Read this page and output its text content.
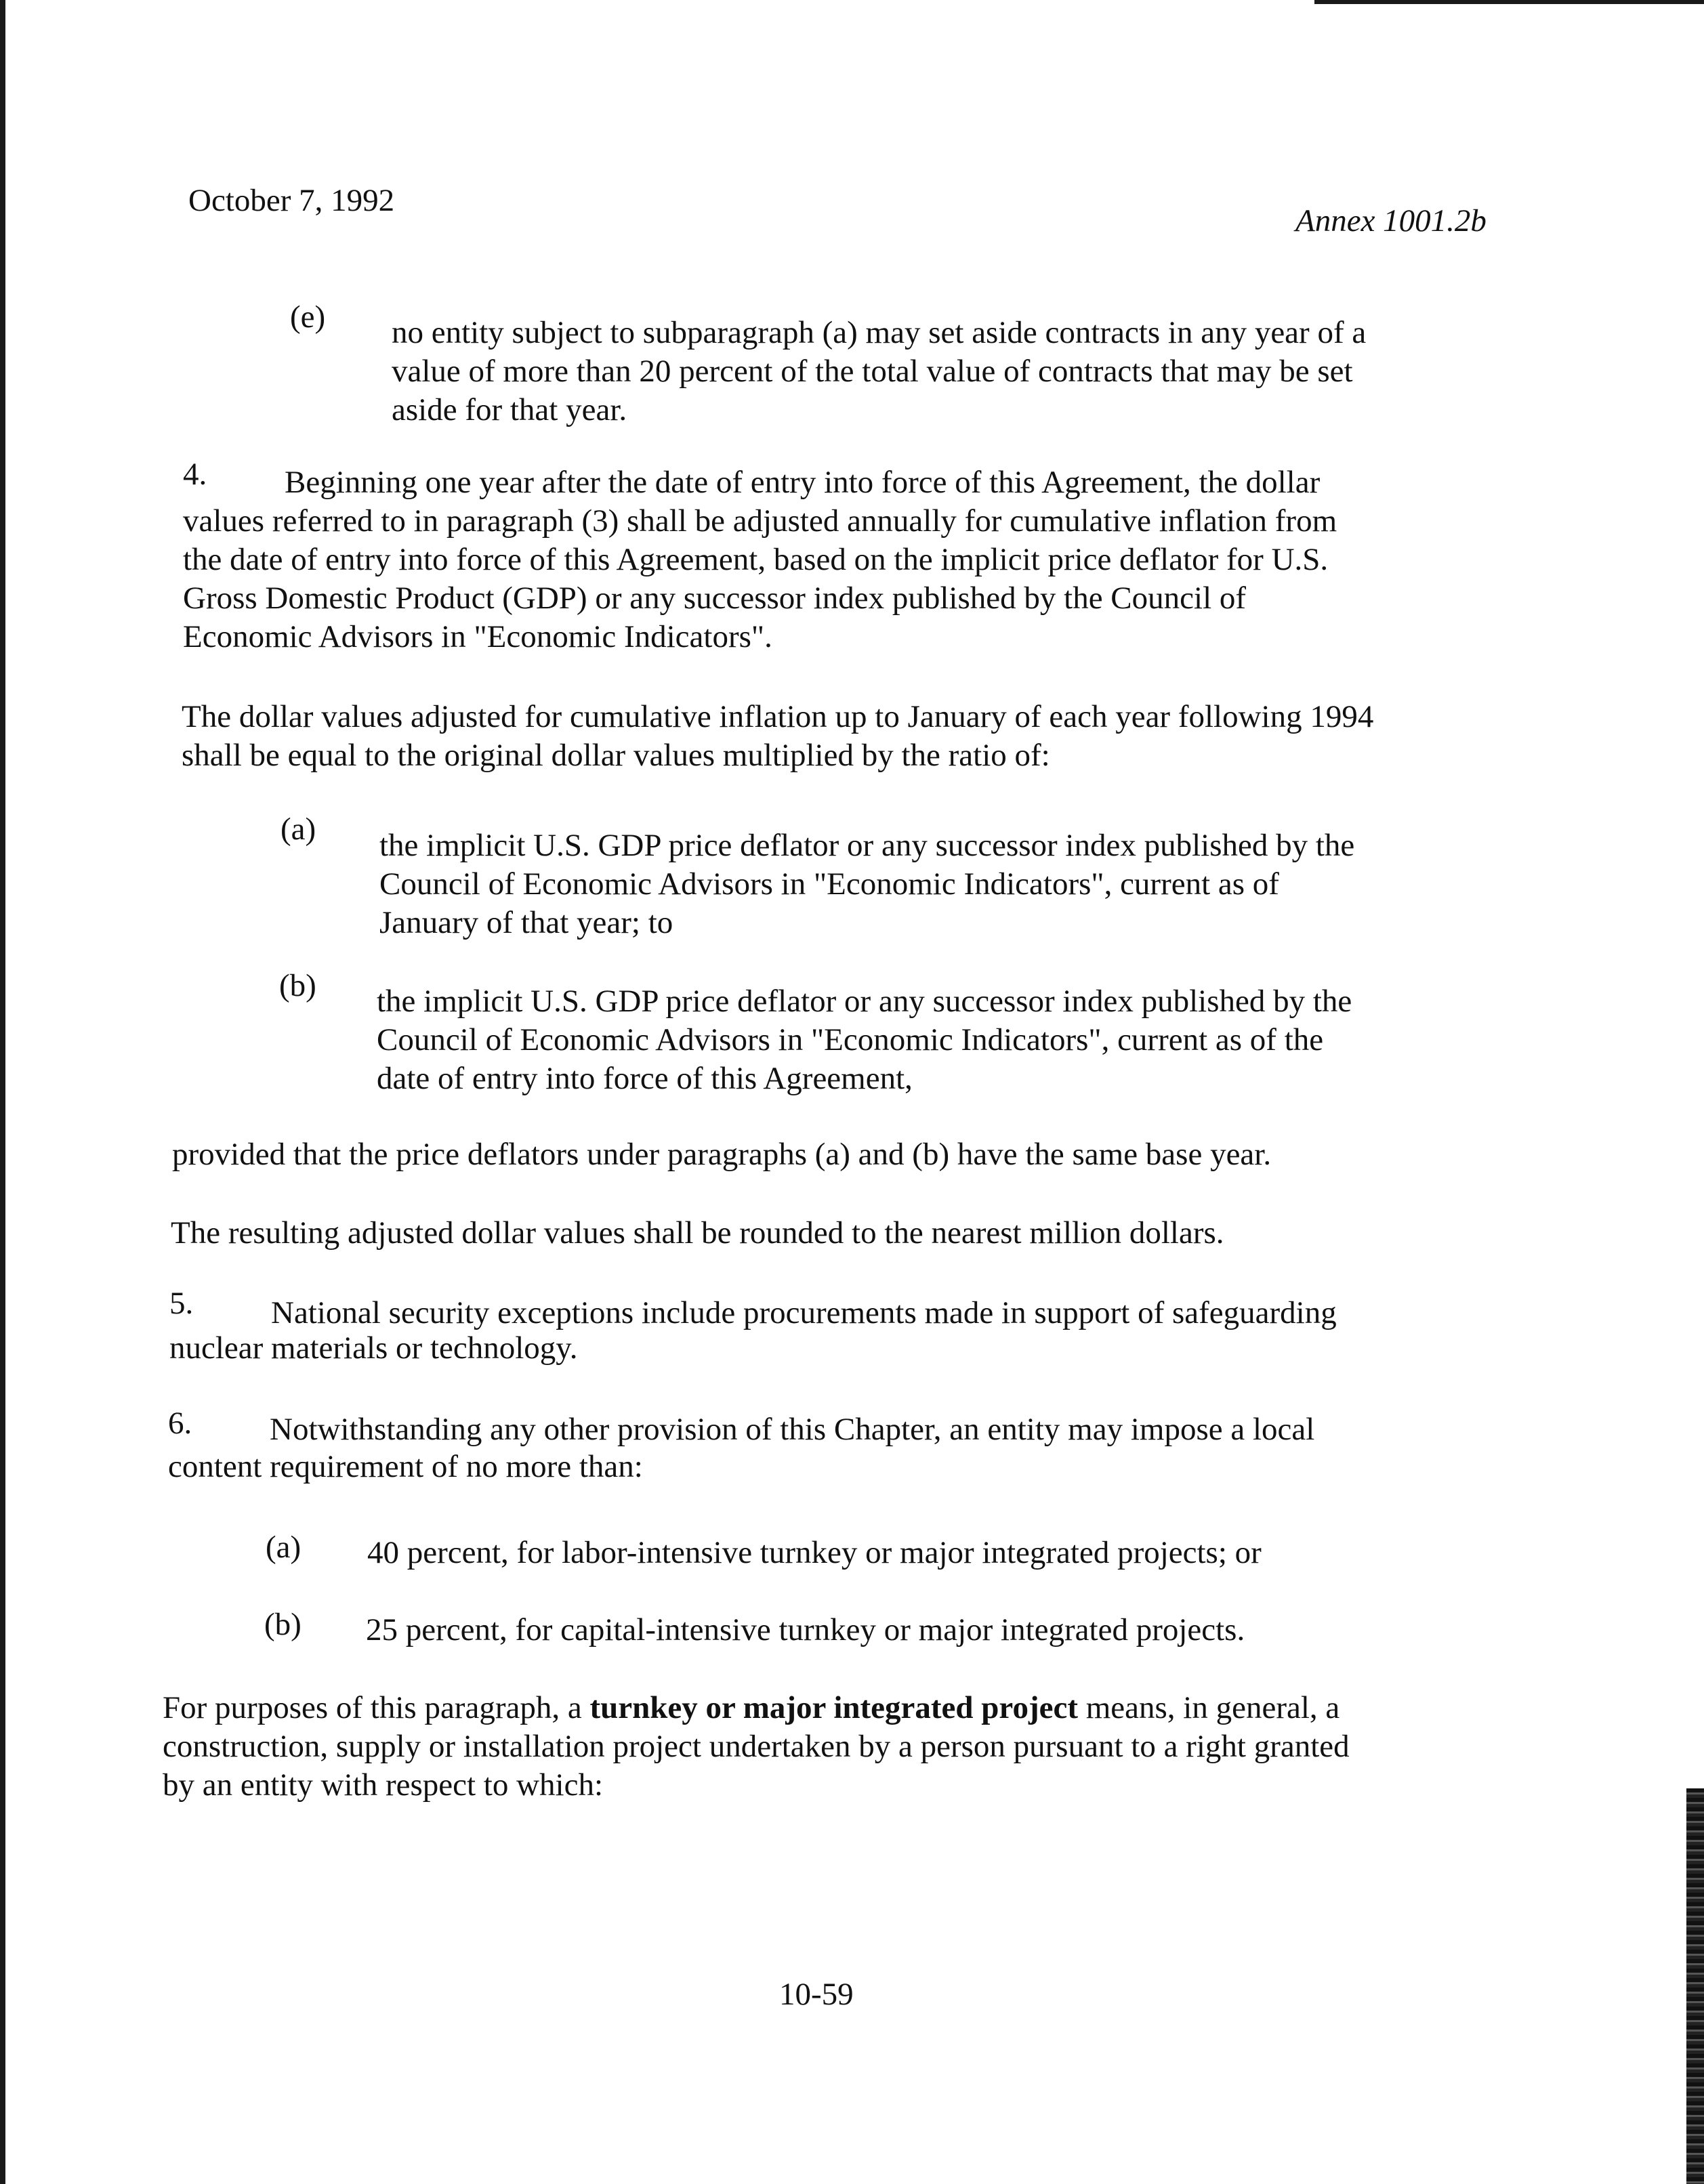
October 7, 1992
Annex 1001.2b
(e) no entity subject to subparagraph (a) may set aside contracts in any year of a
value of more than 20 percent of the total value of contracts that may be set
aside for that year.
4. Beginning one year after the date of entry into force of this Agreement, the dollar
values referred to in paragraph (3) shall be adjusted annually for cumulative inflation from
the date of entry into force of this Agreement, based on the implicit price deflator for U.S.
Gross Domestic Product (GDP) or any successor index published by the Council of
Economic Advisors in "Economic Indicators".
The dollar values adjusted for cumulative inflation up to January of each year following 1994
shall be equal to the original dollar values multiplied by the ratio of:
(a) the implicit U.S. GDP price deflator or any successor index published by the
Council of Economic Advisors in "Economic Indicators", current as of
January of that year; to
(b) the implicit U.S. GDP price deflator or any successor index published by the
Council of Economic Advisors in "Economic Indicators", current as of the
date of entry into force of this Agreement,
provided that the price deflators under paragraphs (a) and (b) have the same base year.
The resulting adjusted dollar values shall be rounded to the nearest million dollars.
5. National security exceptions include procurements made in support of safeguarding
nuclear materials or technology.
6. Notwithstanding any other provision of this Chapter, an entity may impose a local
content requirement of no more than:
(a) 40 percent, for labor-intensive turnkey or major integrated projects; or
(b) 25 percent, for capital-intensive turnkey or major integrated projects.
For purposes of this paragraph, a turnkey or major integrated project means, in general, a
construction, supply or installation project undertaken by a person pursuant to a right granted
by an entity with respect to which:
10-59
